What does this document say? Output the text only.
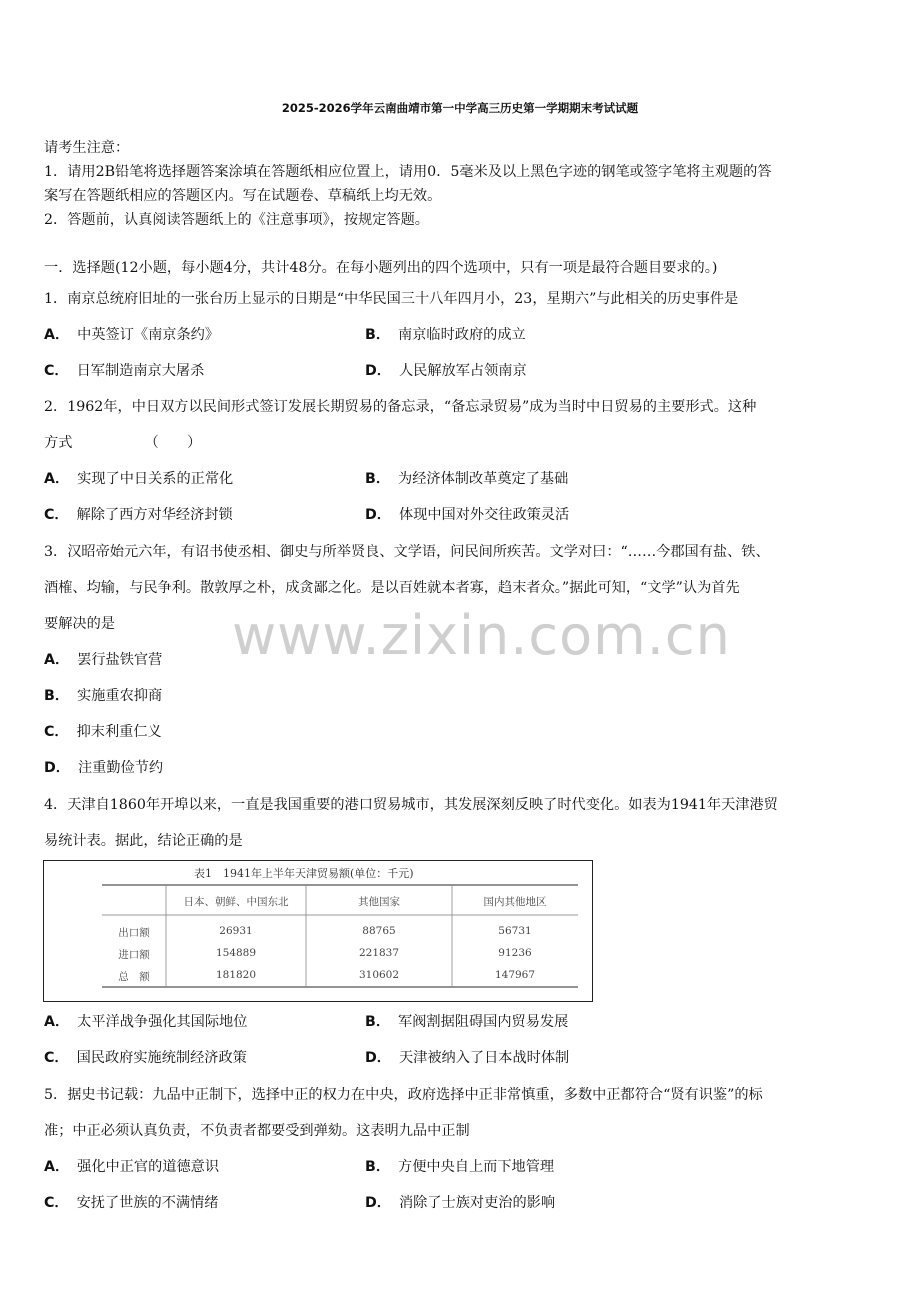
2025-2026学年云南曲靖市第一中学高三历史第一学期期末考试试题
请考生注意：
1．请用2B铅笔将选择题答案涂填在答题纸相应位置上，请用0．5毫米及以上黑色字迹的钢笔或签字笔将主观题的答
案写在答题纸相应的答题区内。写在试题卷、草稿纸上均无效。
2．答题前，认真阅读答题纸上的《注意事项》，按规定答题。
一．选择题(12小题，每小题4分，共计48分。在每小题列出的四个选项中，只有一项是最符合题目要求的。)
1．南京总统府旧址的一张台历上显示的日期是“中华民国三十八年四月小，23，星期六”与此相关的历史事件是
A． 中英签订《南京条约》	B． 南京临时政府的成立
C． 日军制造南京大屠杀	D． 人民解放军占领南京
2．1962年，中日双方以民间形式签订发展长期贸易的备忘录，“备忘录贸易”成为当时中日贸易的主要形式。这种
方式                （　　）
A． 实现了中日关系的正常化	B． 为经济体制改革奠定了基础
C． 解除了西方对华经济封锁	D． 体现中国对外交往政策灵活
3．汉昭帝始元六年，有诏书使丞相、御史与所举贤良、文学语，问民间所疾苦。文学对曰：“……今郡国有盐、铁、
酒榷、均输，与民争利。散敦厚之朴，成贪鄙之化。是以百姓就本者寡，趋末者众。”据此可知，“文学”认为首先
要解决的是 www.zixin.com.cn
A． 罢行盐铁官营
B． 实施重农抑商
C． 抑末利重仁义
D． 注重勤俭节约
4．天津自1860年开埠以来，一直是我国重要的港口贸易城市，其发展深刻反映了时代变化。如表为1941年天津港贸
易统计表。据此，结论正确的是
表1　1941年上半年天津贸易额(单位：千元)
日本、朝鲜、中国东北	其他国家	国内其他地区
出口额	26931	88765	56731
进口额	154889	221837	91236
总　额	181820	310602	147967
A． 太平洋战争强化其国际地位	B． 军阀割据阻碍国内贸易发展
C． 国民政府实施统制经济政策	D． 天津被纳入了日本战时体制
5．据史书记载：九品中正制下，选择中正的权力在中央，政府选择中正非常慎重，多数中正都符合“贤有识鉴”的标
准；中正必须认真负责，不负责者都要受到弹劾。这表明九品中正制
A． 强化中正官的道德意识	B． 方便中央自上而下地管理
C． 安抚了世族的不满情绪	D． 消除了士族对吏治的影响
